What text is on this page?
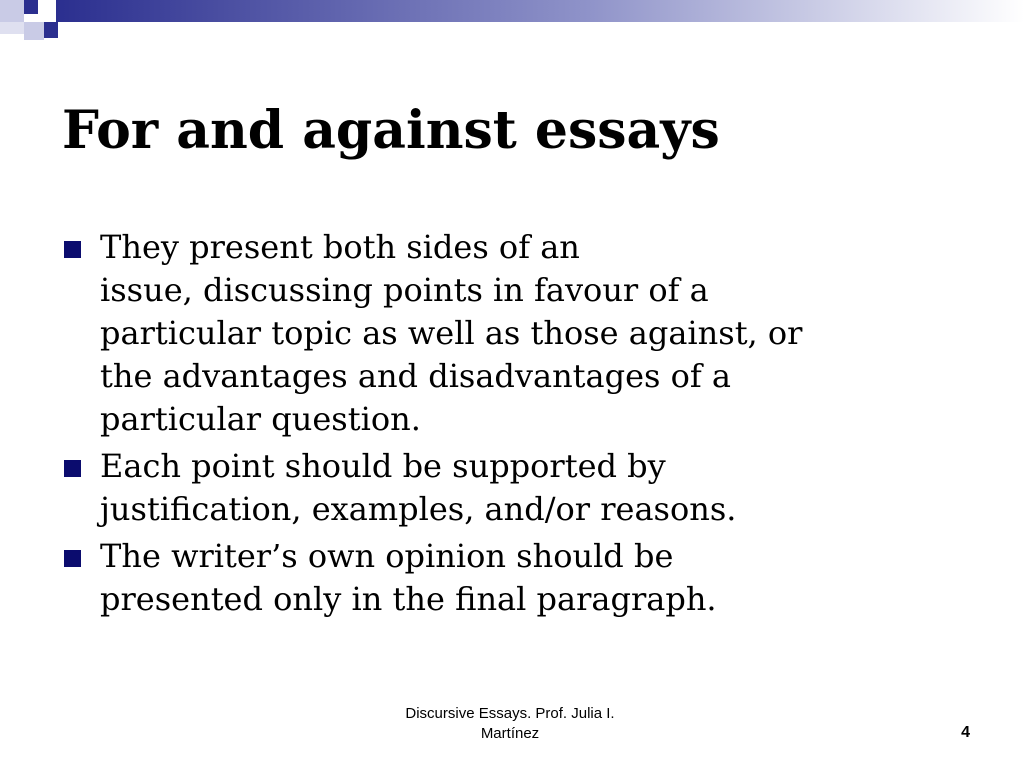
For and against essays
They present both sides of an
issue, discussing points in favour of a
particular topic as well as those against, or
the advantages and disadvantages of a
particular question.
Each point should be supported by
justification, examples, and/or reasons.
The writer’s own opinion should be
presented only in the final paragraph.
Discursive Essays. Prof. Julia I.
Martínez	4
